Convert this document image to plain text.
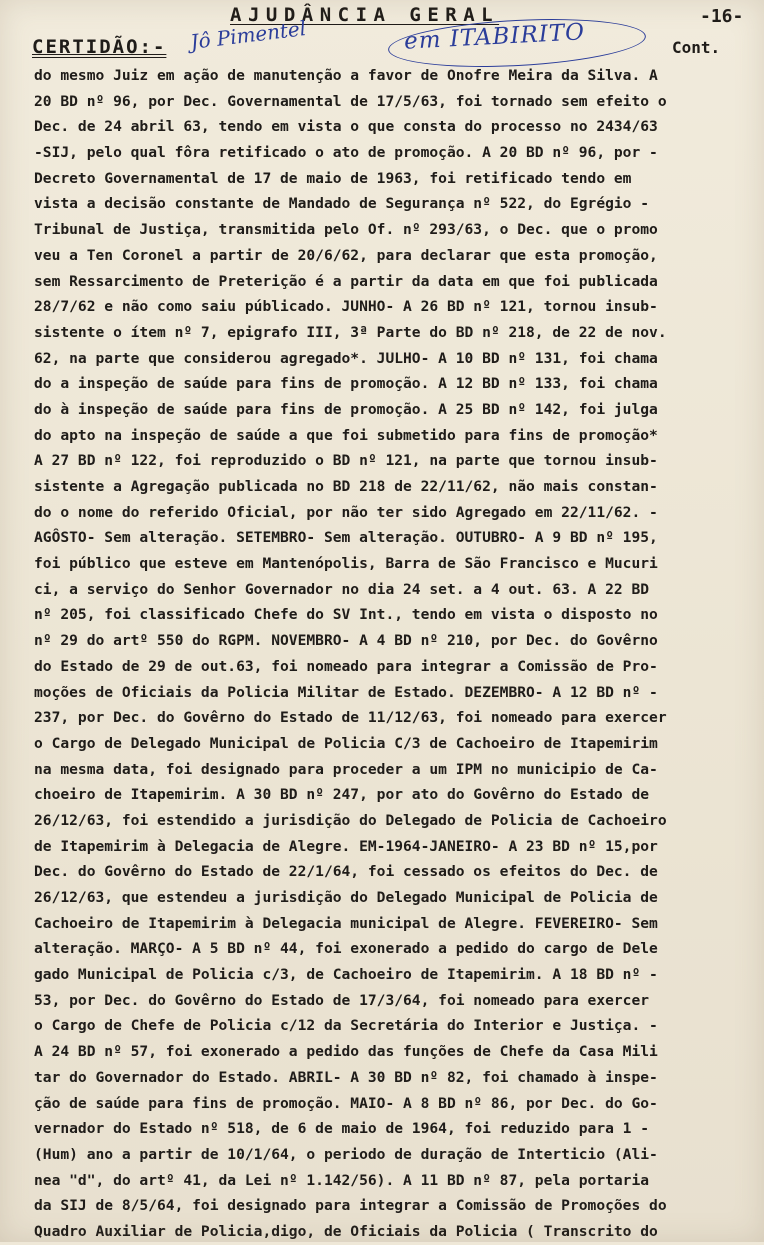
AJUDÂNCIA GERAL	-16-
CERTIDÃO:- Jô Pimentel	em ITABIRITO	Cont.
do mesmo Juiz em ação de manutenção a favor de Onofre Meira da Silva. A
20 BD nº 96, por Dec. Governamental de 17/5/63, foi tornado sem efeito o
Dec. de 24 abril 63, tendo em vista o que consta do processo no 2434/63
-SIJ, pelo qual fôra retificado o ato de promoção. A 20 BD nº 96, por -
Decreto Governamental de 17 de maio de 1963, foi retificado tendo em
vista a decisão constante de Mandado de Segurança nº 522, do Egrégio -
Tribunal de Justiça, transmitida pelo Of. nº 293/63, o Dec. que o promo
veu a Ten Coronel a partir de 20/6/62, para declarar que esta promoção,
sem Ressarcimento de Preterição é a partir da data em que foi publicada
28/7/62 e não como saiu públicado. JUNHO- A 26 BD nº 121, tornou insub-
sistente o ítem nº 7, epigrafo III, 3ª Parte do BD nº 218, de 22 de nov.
62, na parte que considerou agregado*. JULHO- A 10 BD nº 131, foi chama
do a inspeção de saúde para fins de promoção. A 12 BD nº 133, foi chama
do à inspeção de saúde para fins de promoção. A 25 BD nº 142, foi julga
do apto na inspeção de saúde a que foi submetido para fins de promoção*
A 27 BD nº 122, foi reproduzido o BD nº 121, na parte que tornou insub-
sistente a Agregação publicada no BD 218 de 22/11/62, não mais constan-
do o nome do referido Oficial, por não ter sido Agregado em 22/11/62. -
AGÔSTO- Sem alteração. SETEMBRO- Sem alteração. OUTUBRO- A 9 BD nº 195,
foi público que esteve em Mantenópolis, Barra de São Francisco e Mucuri
ci, a serviço do Senhor Governador no dia 24 set. a 4 out. 63. A 22 BD
nº 205, foi classificado Chefe do SV Int., tendo em vista o disposto no
nº 29 do artº 550 do RGPM. NOVEMBRO- A 4 BD nº 210, por Dec. do Govêrno
do Estado de 29 de out.63, foi nomeado para integrar a Comissão de Pro-
moções de Oficiais da Policia Militar de Estado. DEZEMBRO- A 12 BD nº -
237, por Dec. do Govêrno do Estado de 11/12/63, foi nomeado para exercer
o Cargo de Delegado Municipal de Policia C/3 de Cachoeiro de Itapemirim
na mesma data, foi designado para proceder a um IPM no municipio de Ca-
choeiro de Itapemirim. A 30 BD nº 247, por ato do Govêrno do Estado de
26/12/63, foi estendido a jurisdição do Delegado de Policia de Cachoeiro
de Itapemirim à Delegacia de Alegre. EM-1964-JANEIRO- A 23 BD nº 15,por
Dec. do Govêrno do Estado de 22/1/64, foi cessado os efeitos do Dec. de
26/12/63, que estendeu a jurisdição do Delegado Municipal de Policia de
Cachoeiro de Itapemirim à Delegacia municipal de Alegre. FEVEREIRO- Sem
alteração. MARÇO- A 5 BD nº 44, foi exonerado a pedido do cargo de Dele
gado Municipal de Policia c/3, de Cachoeiro de Itapemirim. A 18 BD nº -
53, por Dec. do Govêrno do Estado de 17/3/64, foi nomeado para exercer
o Cargo de Chefe de Policia c/12 da Secretária do Interior e Justiça. -
A 24 BD nº 57, foi exonerado a pedido das funções de Chefe da Casa Mili
tar do Governador do Estado. ABRIL- A 30 BD nº 82, foi chamado à inspe-
ção de saúde para fins de promoção. MAIO- A 8 BD nº 86, por Dec. do Go-
vernador do Estado nº 518, de 6 de maio de 1964, foi reduzido para 1 -
(Hum) ano a partir de 10/1/64, o periodo de duração de Interticio (Ali-
nea "d", do artº 41, da Lei nº 1.142/56). A 11 BD nº 87, pela portaria
da SIJ de 8/5/64, foi designado para integrar a Comissão de Promoções do
Quadro Auxiliar de Policia,digo, de Oficiais da Policia ( Transcrito do
